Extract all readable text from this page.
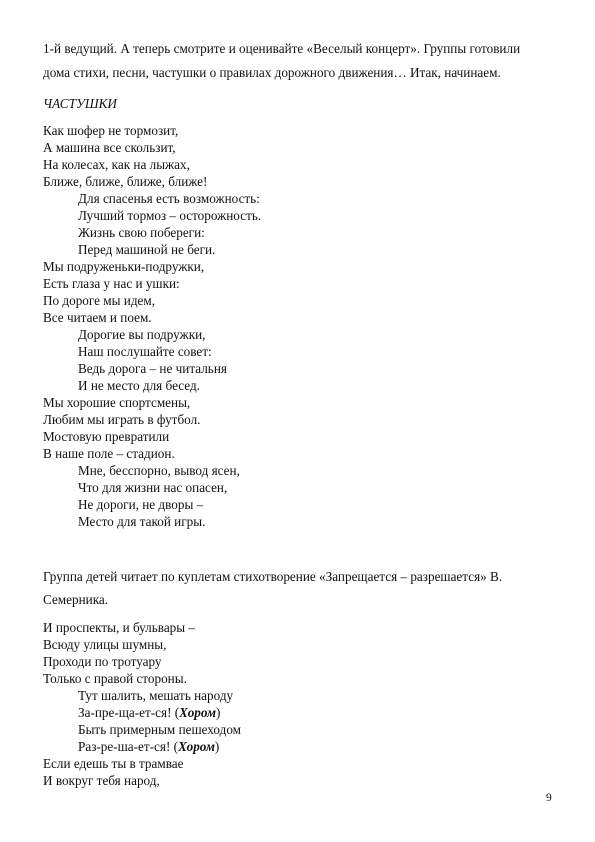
1-й ведущий. А теперь смотрите и оценивайте «Веселый концерт». Группы готовили
дома стихи, песни, частушки о правилах дорожного движения… Итак, начинаем.
ЧАСТУШКИ
Как шофер не тормозит,
А машина все скользит,
На колесах, как на лыжах,
Ближе, ближе, ближе, ближе!
Для спасенья есть возможность:
Лучший тормоз – осторожность.
Жизнь свою побереги:
Перед машиной не беги.
Мы подруженьки-подружки,
Есть глаза у нас и ушки:
По дороге мы идем,
Все читаем и поем.
Дорогие вы подружки,
Наш послушайте совет:
Ведь дорога – не читальня
И не место для бесед.
Мы хорошие спортсмены,
Любим мы играть в футбол.
Мостовую превратили
В наше поле – стадион.
Мне, бесспорно, вывод ясен,
Что для жизни нас опасен,
Не дороги, не дворы –
Место для такой игры.
Группа детей читает по куплетам стихотворение «Запрещается – разрешается» В.
Семерника.
И проспекты, и бульвары –
Всюду улицы шумны,
Проходи по тротуару
Только с правой стороны.
Тут шалить, мешать народу
За-пре-ща-ет-ся! (Хором)
Быть примерным пешеходом
Раз-ре-ша-ет-ся! (Хором)
Если едешь ты в трамвае
И вокруг тебя народ,
9
